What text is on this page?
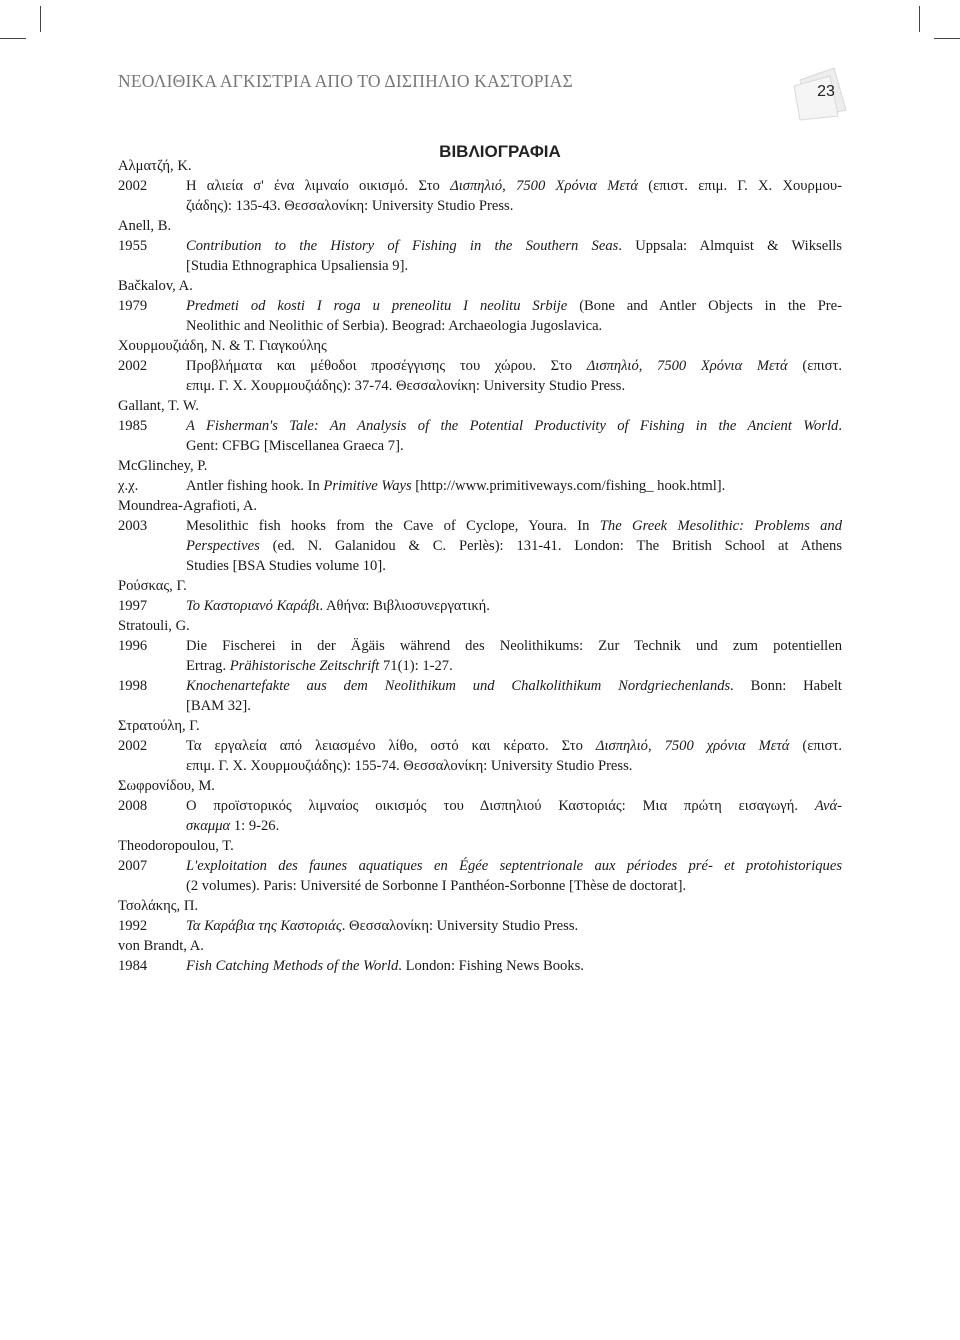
ΝΕΟΛΙΘΙΚΑ ΑΓΚΙΣΤΡΙΑ ΑΠΟ ΤΟ ΔΙΣΠΗΛΙΟ ΚΑΣΤΟΡΙΑΣ
23
ΒΙΒΛΙΟΓΡΑΦΙΑ
Αλματζή, Κ.
2002	Η αλιεία σ' ένα λιμναίο οικισμό. Στο Δισπηλιό, 7500 Χρόνια Μετά (επιστ. επιμ. Γ. Χ. Χουρμου-
ζιάδης): 135-43. Θεσσαλονίκη: University Studio Press.
Anell, B.
1955	Contribution to the History of Fishing in the Southern Seas. Uppsala: Almquist & Wiksells
[Studia Ethnographica Upsaliensia 9].
Bačkalov, A.
1979	Predmeti od kosti I roga u preneolitu I neolitu Srbije (Bone and Antler Objects in the Pre-
Neolithic and Neolithic of Serbia). Beograd: Archaeologia Jugoslavica.
Χουρμουζιάδη, Ν. & Τ. Γιαγκούλης
2002	Προβλήματα και μέθοδοι προσέγγισης του χώρου. Στο Δισπηλιό, 7500 Χρόνια Μετά (επιστ.
επιμ. Γ. Χ. Χουρμουζιάδης): 37-74. Θεσσαλονίκη: University Studio Press.
Gallant, T. W.
1985	A Fisherman's Tale: An Analysis of the Potential Productivity of Fishing in the Ancient World.
Gent: CFBG [Miscellanea Graeca 7].
McGlinchey, P.
χ.χ.	Antler fishing hook. In Primitive Ways [http://www.primitiveways.com/fishing_ hook.html].
Moundrea-Agrafioti, A.
2003	Mesolithic fish hooks from the Cave of Cyclope, Youra. In The Greek Mesolithic: Problems and
Perspectives (ed. N. Galanidou & C. Perlès): 131-41. London: The British School at Athens
Studies [BSA Studies volume 10].
Ρούσκας, Γ.
1997	Το Καστοριανό Καράβι. Αθήνα: Βιβλιοσυνεργατική.
Stratouli, G.
1996	Die Fischerei in der Ägäis während des Neolithikums: Zur Technik und zum potentiellen
Ertrag. Prähistorische Zeitschrift 71(1): 1-27.
1998	Knochenartefakte aus dem Neolithikum und Chalkolithikum Nordgriechenlands. Bonn: Habelt
[BAM 32].
Στρατούλη, Γ.
2002	Τα εργαλεία από λειασμένο λίθο, οστό και κέρατο. Στο Δισπηλιό, 7500 χρόνια Μετά (επιστ.
επιμ. Γ. Χ. Χουρμουζιάδης): 155-74. Θεσσαλονίκη: University Studio Press.
Σωφρονίδου, Μ.
2008	Ο προϊστορικός λιμναίος οικισμός του Δισπηλιού Καστοριάς: Μια πρώτη εισαγωγή. Ανά-
σκαμμα 1: 9-26.
Theodoropoulou, T.
2007	L'exploitation des faunes aquatiques en Égée septentrionale aux périodes pré- et protohistoriques
(2 volumes). Paris: Université de Sorbonne I Panthéon-Sorbonne [Thèse de doctorat].
Τσολάκης, Π.
1992	Τα Καράβια της Καστοριάς. Θεσσαλονίκη: University Studio Press.
von Brandt, A.
1984	Fish Catching Methods of the World. London: Fishing News Books.
